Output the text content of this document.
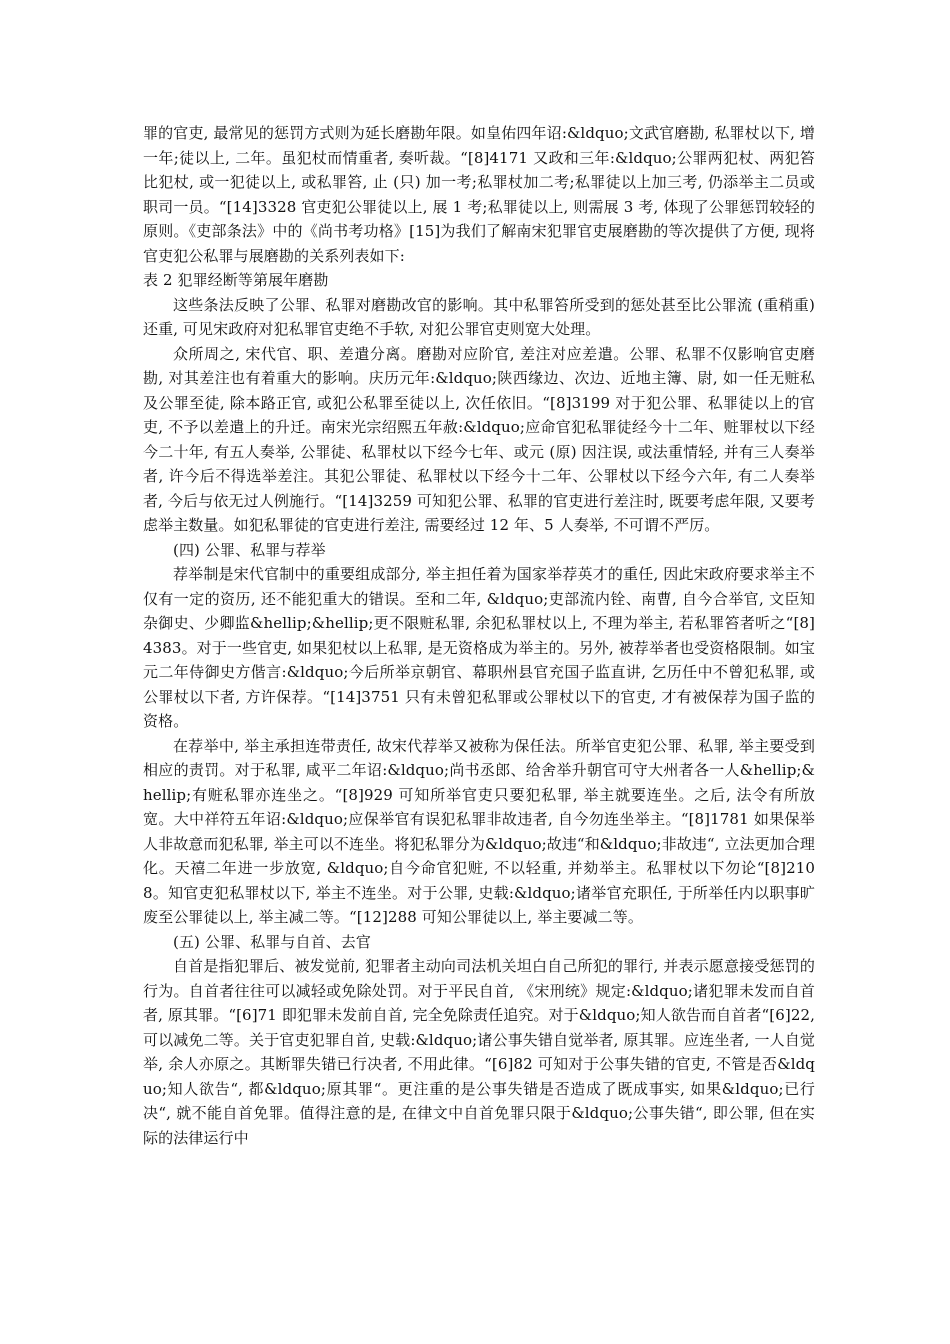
罪的官吏, 最常见的惩罚方式则为延长磨勘年限。如皇佑四年诏:&ldquo;文武官磨勘, 私罪杖以下, 增一年;徒以上, 二年。虽犯杖而情重者, 奏听裁。“[8]4171 又政和三年:&ldquo;公罪两犯杖、两犯笞比犯杖, 或一犯徒以上, 或私罪笞, 止 (只) 加一考;私罪杖加二考;私罪徒以上加三考, 仍添举主二员或职司一员。“[14]3328 官吏犯公罪徒以上, 展 1 考;私罪徒以上, 则需展 3 考, 体现了公罪惩罚较轻的原则。《吏部条法》中的《尚书考功格》[15]为我们了解南宋犯罪官吏展磨勘的等次提供了方便, 现将官吏犯公私罪与展磨勘的关系列表如下:

表 2 犯罪经断等第展年磨勘

这些条法反映了公罪、私罪对磨勘改官的影响。其中私罪笞所受到的惩处甚至比公罪流 (重稍重) 还重, 可见宋政府对犯私罪官吏绝不手软, 对犯公罪官吏则宽大处理。

众所周之, 宋代官、职、差遣分离。磨勘对应阶官, 差注对应差遣。公罪、私罪不仅影响官吏磨勘, 对其差注也有着重大的影响。庆历元年:&ldquo;陕西缘边、次边、近地主簿、尉, 如一任无赃私及公罪至徒, 除本路正官, 或犯公私罪至徒以上, 次任依旧。“[8]3199 对于犯公罪、私罪徒以上的官吏, 不予以差遣上的升迁。南宋光宗绍熙五年赦:&ldquo;应命官犯私罪徒经今十二年、赃罪杖以下经今二十年, 有五人奏举, 公罪徒、私罪杖以下经今七年、或元 (原) 因注误, 或法重情轻, 并有三人奏举者, 许今后不得选举差注。其犯公罪徒、私罪杖以下经今十二年、公罪杖以下经今六年, 有二人奏举者, 今后与依无过人例施行。“[14]3259 可知犯公罪、私罪的官吏进行差注时, 既要考虑年限, 又要考虑举主数量。如犯私罪徒的官吏进行差注, 需要经过 12 年、5 人奏举, 不可谓不严厉。

(四) 公罪、私罪与荐举

荐举制是宋代官制中的重要组成部分, 举主担任着为国家举荐英才的重任, 因此宋政府要求举主不仅有一定的资历, 还不能犯重大的错误。至和二年, &ldquo;吏部流内铨、南曹, 自今合举官, 文臣知杂御史、少卿监&hellip;&hellip;更不限赃私罪, 余犯私罪杖以上, 不理为举主, 若私罪笞者听之“[8]4383。对于一些官吏, 如果犯杖以上私罪, 是无资格成为举主的。另外, 被荐举者也受资格限制。如宝元二年侍御史方偕言:&ldquo;今后所举京朝官、幕职州县官充国子监直讲, 乞历任中不曾犯私罪, 或公罪杖以下者, 方许保荐。“[14]3751 只有未曾犯私罪或公罪杖以下的官吏, 才有被保荐为国子监的资格。

在荐举中, 举主承担连带责任, 故宋代荐举又被称为保任法。所举官吏犯公罪、私罪, 举主要受到相应的责罚。对于私罪, 咸平二年诏:&ldquo;尚书丞郎、给舍举升朝官可守大州者各一人&hellip;&hellip;有赃私罪亦连坐之。“[8]929 可知所举官吏只要犯私罪, 举主就要连坐。之后, 法令有所放宽。大中祥符五年诏:&ldquo;应保举官有误犯私罪非故违者, 自今勿连坐举主。“[8]1781 如果保举人非故意而犯私罪, 举主可以不连坐。将犯私罪分为&ldquo;故违“和&ldquo;非故违“, 立法更加合理化。天禧二年进一步放宽, &ldquo;自今命官犯赃, 不以轻重, 并劾举主。私罪杖以下勿论“[8]2108。知官吏犯私罪杖以下, 举主不连坐。对于公罪, 史载:&ldquo;诸举官充职任, 于所举任内以职事旷废至公罪徒以上, 举主减二等。“[12]288 可知公罪徒以上, 举主要减二等。

(五) 公罪、私罪与自首、去官

自首是指犯罪后、被发觉前, 犯罪者主动向司法机关坦白自己所犯的罪行, 并表示愿意接受惩罚的行为。自首者往往可以减轻或免除处罚。对于平民自首, 《宋刑统》规定:&ldquo;诸犯罪未发而自首者, 原其罪。“[6]71 即犯罪未发前自首, 完全免除责任追究。对于&ldquo;知人欲告而自首者“[6]22, 可以减免二等。关于官吏犯罪自首, 史载:&ldquo;诸公事失错自觉举者, 原其罪。应连坐者, 一人自觉举, 余人亦原之。其断罪失错已行决者, 不用此律。“[6]82 可知对于公事失错的官吏, 不管是否&ldquo;知人欲告“, 都&ldquo;原其罪“。更注重的是公事失错是否造成了既成事实, 如果&ldquo;已行决“, 就不能自首免罪。值得注意的是, 在律文中自首免罪只限于&ldquo;公事失错“, 即公罪, 但在实际的法律运行中
